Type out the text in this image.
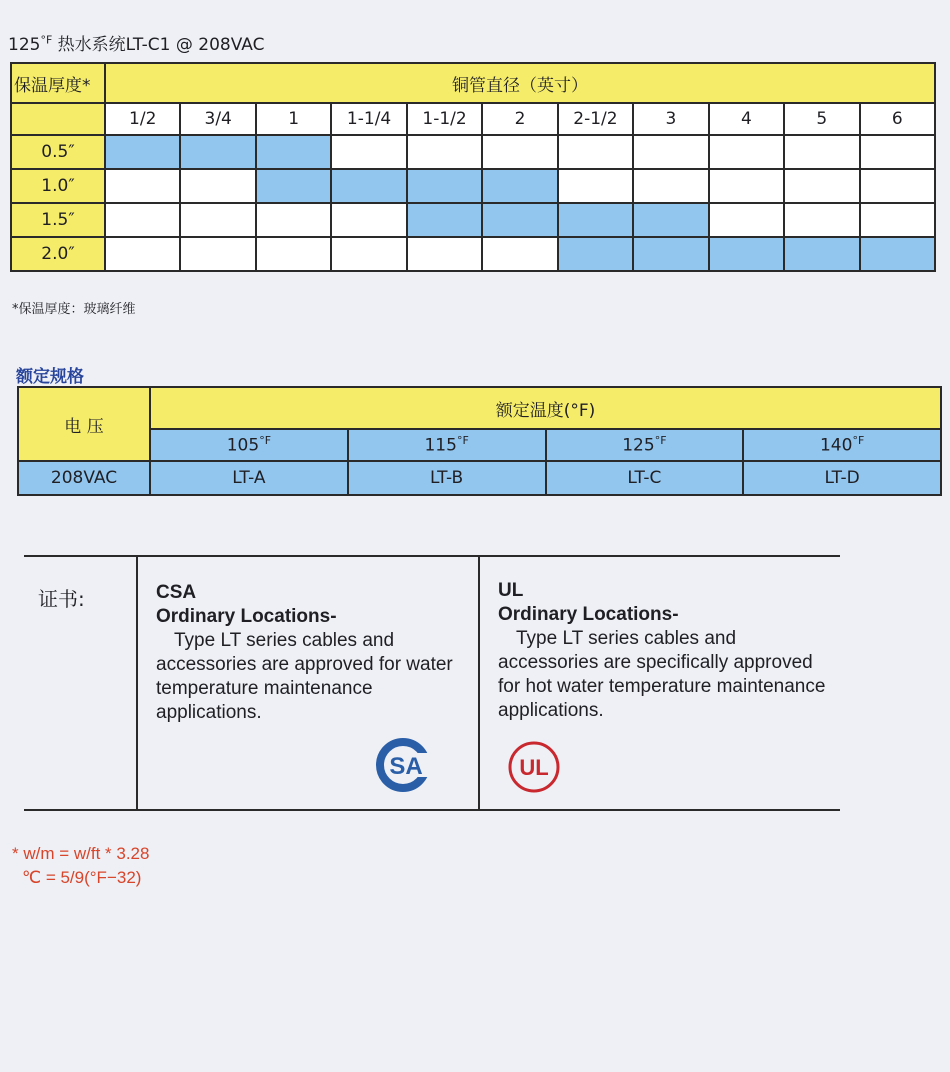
$125^{^\circ F}$ 热水系统LT-C1 @ 208VAC
保温厚度*	铜管直径（英寸）										
	1/2	3/4	1	1-1/4	1-1/2	2	2-1/2	3	4	5	6
0.5″											
1.0″											
1.5″											
2.0″											
*保温厚度：玻璃纤维
额定规格
电 压	额定温度(°F)			
	$105^{^\circ F}$	$115^{^\circ F}$	$125^{^\circ F}$	$140^{^\circ F}$
208VAC	LT-A	LT-B	LT-C	LT-D
证书:	CSA
Ordinary Locations-
Type LT series cables and accessories are approved for water temperature maintenance applications.
UL
Ordinary Locations-
Type LT series cables and accessories are specifically approved for hot water temperature maintenance applications.
SA	UL
* w/m = w/ft * 3.28
℃ = 5/9(°F−32)
